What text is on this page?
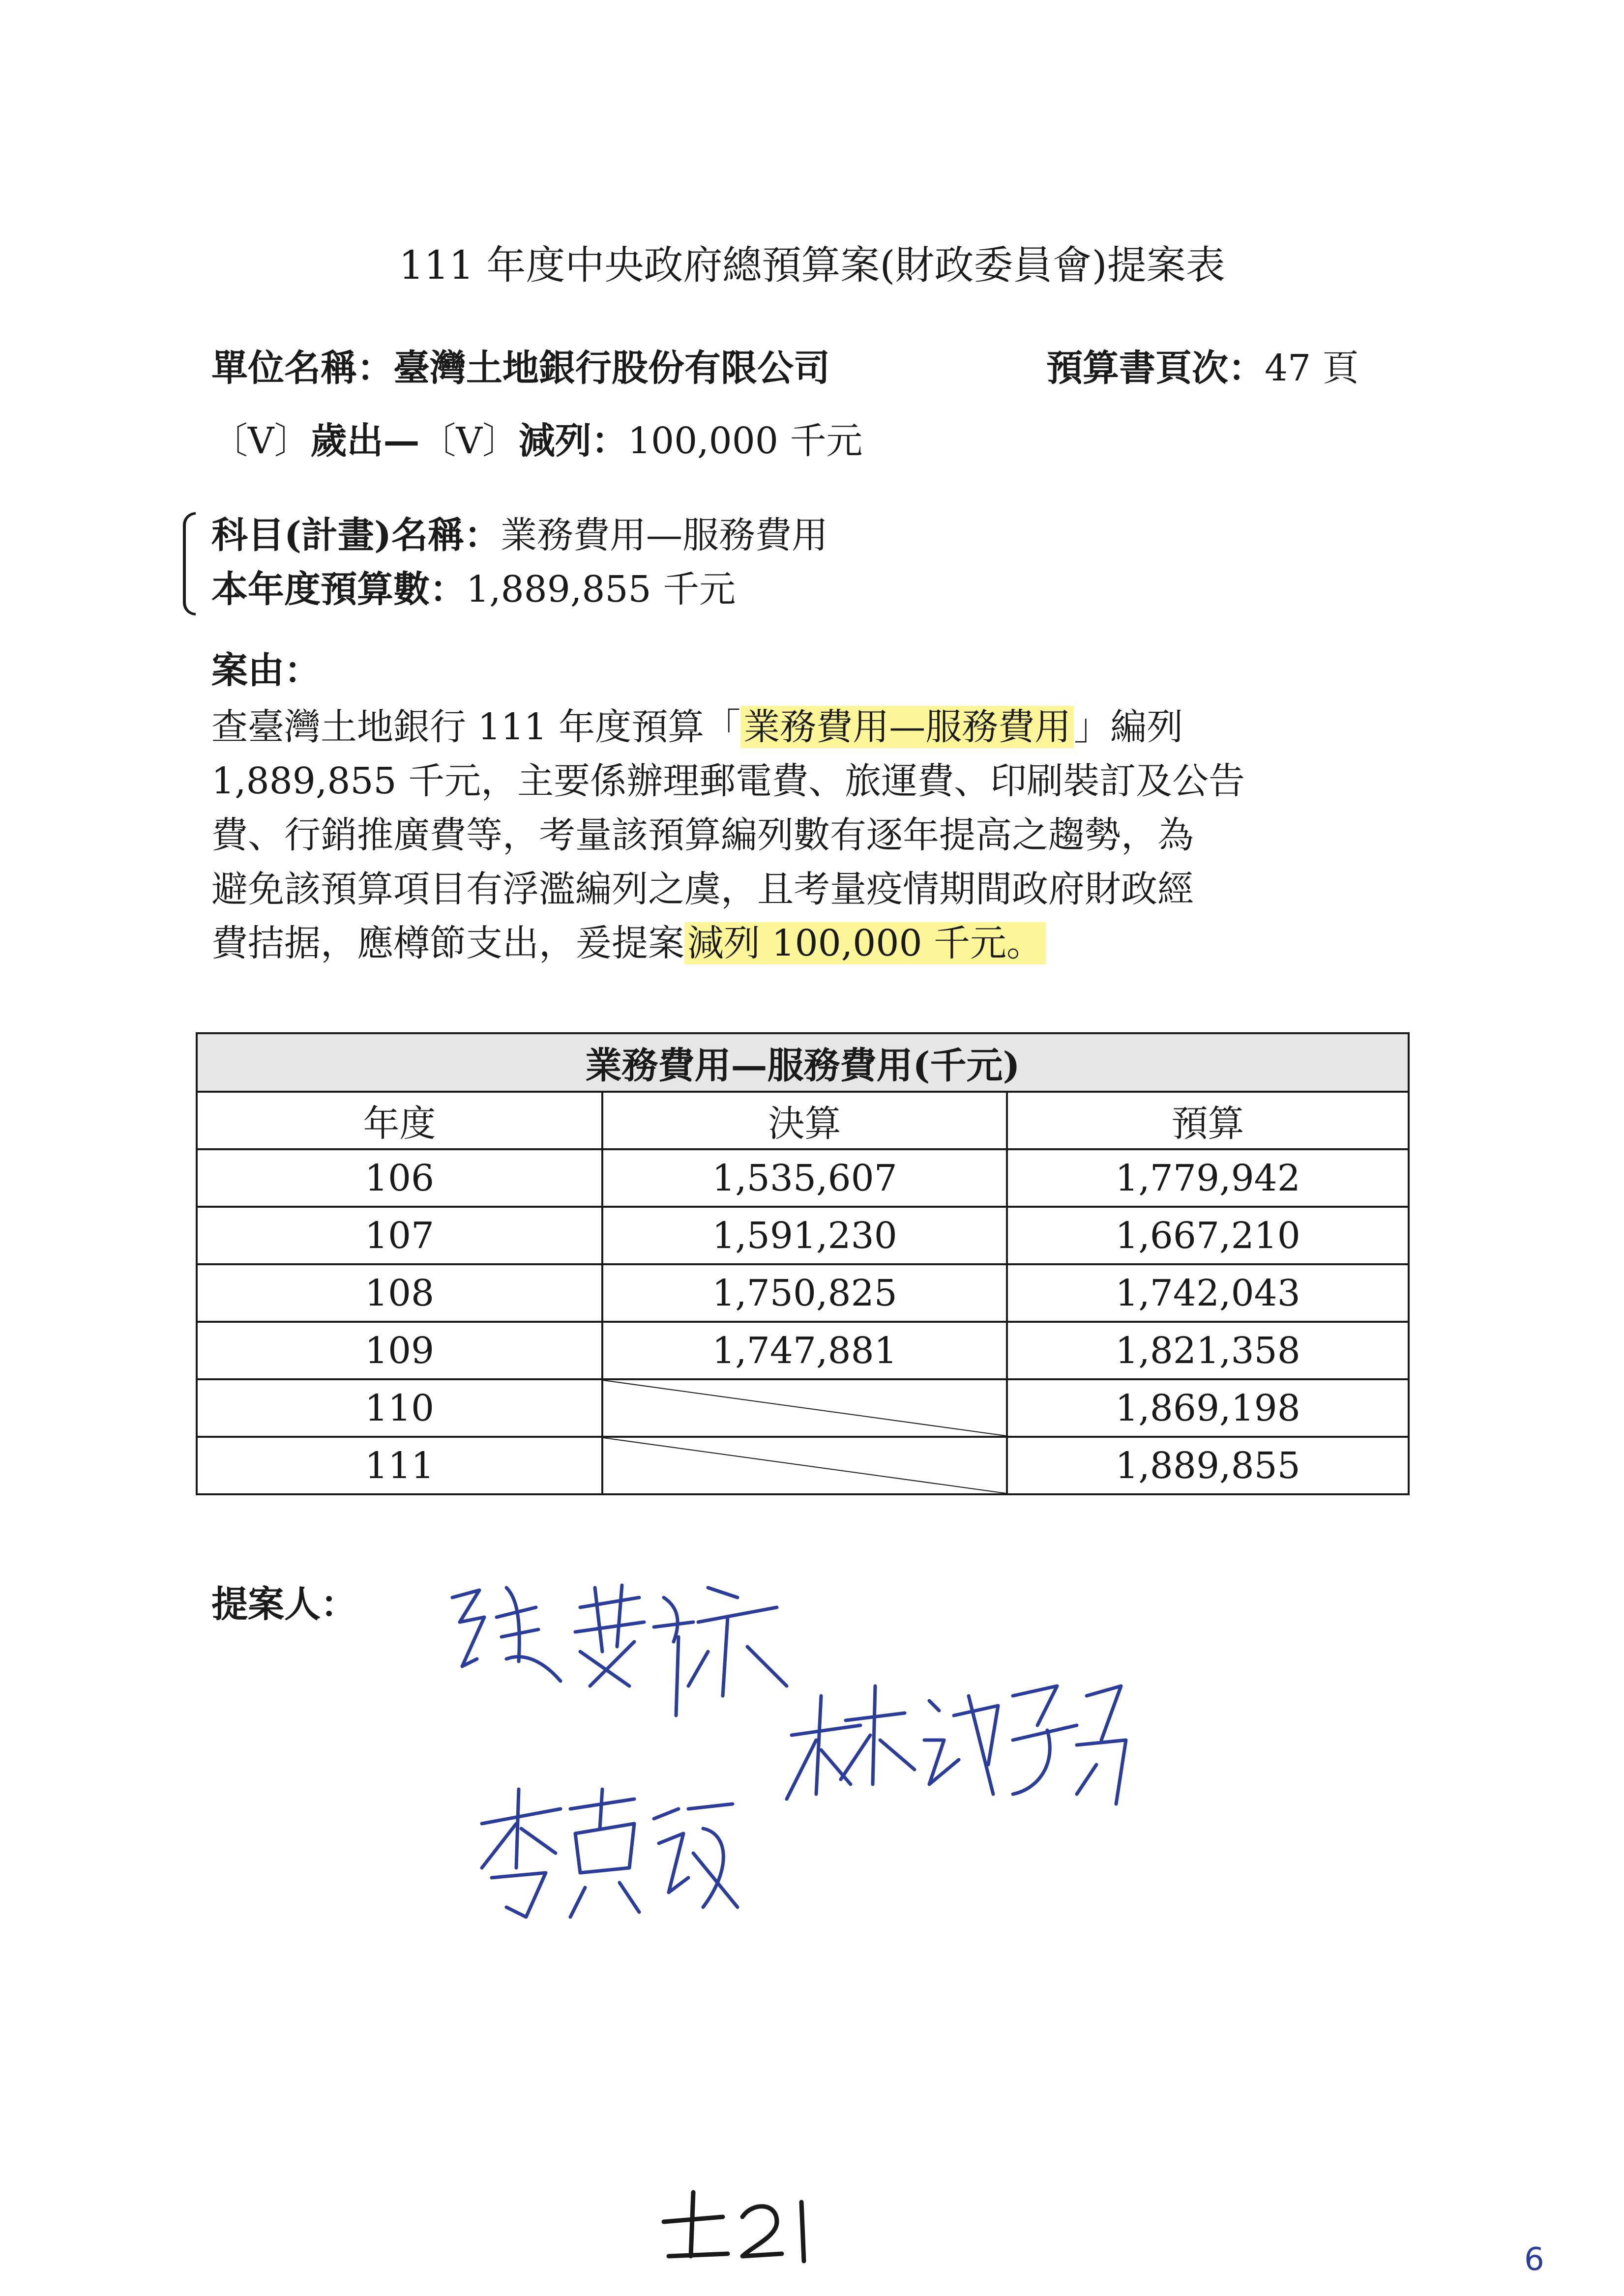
111 年度中央政府總預算案(財政委員會)提案表
單位名稱：臺灣土地銀行股份有限公司	預算書頁次：47 頁
〔V〕歲出—〔V〕減列：100,000 千元
科目(計畫)名稱：業務費用—服務費用
本年度預算數：1,889,855 千元
案由：
查臺灣土地銀行 111 年度預算「業務費用—服務費用」編列
1,889,855 千元，主要係辦理郵電費、旅運費、印刷裝訂及公告
費、行銷推廣費等，考量該預算編列數有逐年提高之趨勢，為
避免該預算項目有浮濫編列之虞，且考量疫情期間政府財政經
費拮据，應樽節支出，爰提案減列 100,000 千元。
業務費用—服務費用(千元)		
年度	決算	預算
106	1,535,607	1,779,942
107	1,591,230	1,667,210
108	1,750,825	1,742,043
109	1,747,881	1,821,358
110		1,869,198
111		1,889,855
提案人：
6
